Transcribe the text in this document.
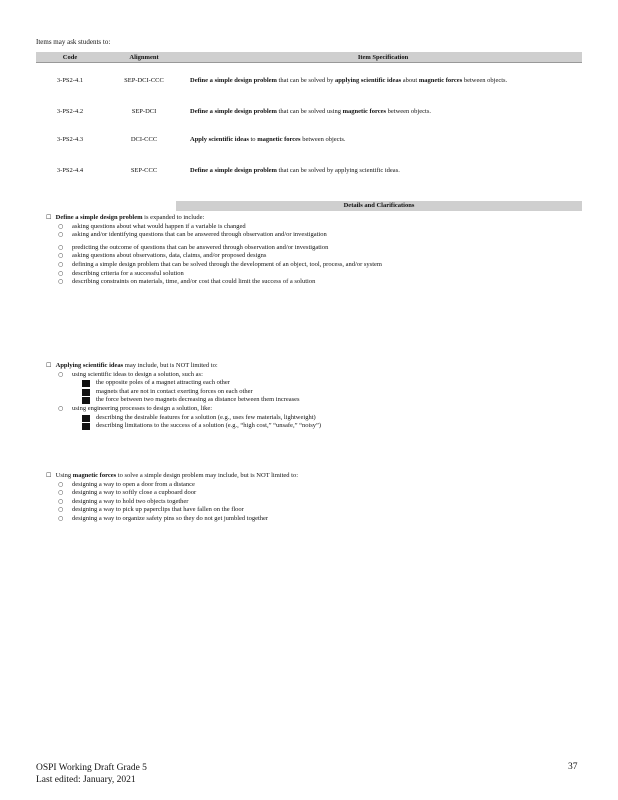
Items may ask students to:
Code	Alignment	Item Specification
3-PS2-4.1	SEP-DCI-CCC	Define a simple design problem that can be solved by applying scientific ideas about magnetic forces between objects.
3-PS2-4.2	SEP-DCI	Define a simple design problem that can be solved using magnetic forces between objects.
3-PS2-4.3	DCI-CCC	Apply scientific ideas to magnetic forces between objects.
3-PS2-4.4	SEP-CCC	Define a simple design problem that can be solved by applying scientific ideas.
Details and Clarifications
☐ Define a simple design problem is expanded to include:
○ asking questions about what would happen if a variable is changed
○ asking and/or identifying questions that can be answered through observation and/or investigation
○ predicting the outcome of questions that can be answered through observation and/or investigation
○ asking questions about observations, data, claims, and/or proposed designs
○ defining a simple design problem that can be solved through the development of an object, tool, process, and/or system
○ describing criteria for a successful solution
○ describing constraints on materials, time, and/or cost that could limit the success of a solution
☐ Applying scientific ideas may include, but is NOT limited to:
○ using scientific ideas to design a solution, such as:
the opposite poles of a magnet attracting each other
magnets that are not in contact exerting forces on each other
the force between two magnets decreasing as distance between them increases
○ using engineering processes to design a solution, like:
describing the desirable features for a solution (e.g., uses few materials, lightweight)
describing limitations to the success of a solution (e.g., “high cost,” “unsafe,” “noisy”)
☐ Using magnetic forces to solve a simple design problem may include, but is NOT limited to:
○ designing a way to open a door from a distance
○ designing a way to softly close a cupboard door
○ designing a way to hold two objects together
○ designing a way to pick up paperclips that have fallen on the floor
○ designing a way to organize safety pins so they do not get jumbled together
OSPI Working Draft Grade 5
Last edited: January, 2021
37
